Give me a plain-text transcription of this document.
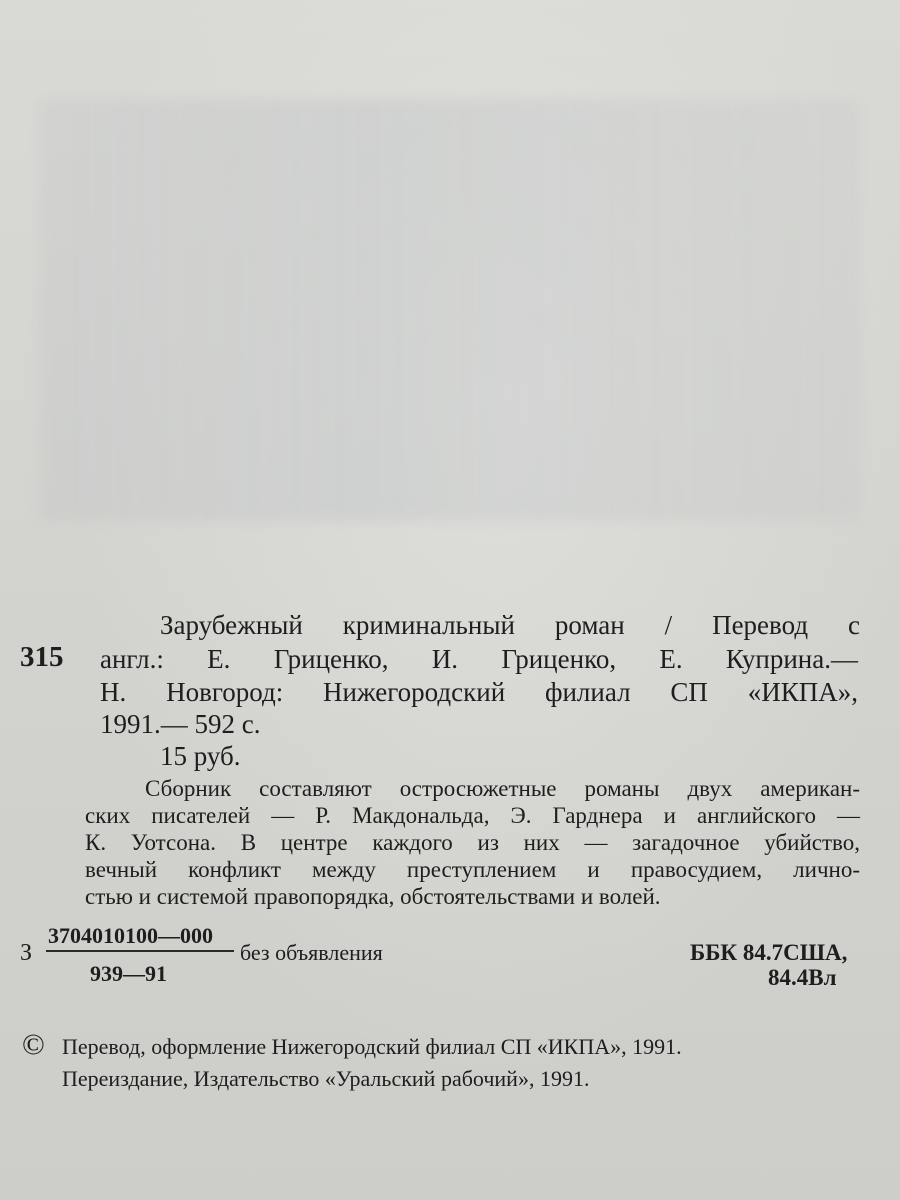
315
Зарубежный криминальный роман / Перевод с
англ.: Е. Гриценко, И. Гриценко, Е. Куприна.—
Н. Новгород: Нижегородский филиал СП «ИКПА»,
1991.— 592 с.
15 руб.
Сборник составляют остросюжетные романы двух американ-
ских писателей — Р. Макдональда, Э. Гарднера и английского —
К. Уотсона. В центре каждого из них — загадочное убийство,
вечный конфликт между преступлением и правосудием, лично-
стью и системой правопорядка, обстоятельствами и волей.
З
3704010100—000
939—91
без объявления	ББК 84.7США,
84.4Вл
© Перевод, оформление Нижегородский филиал СП «ИКПА», 1991.
Переиздание, Издательство «Уральский рабочий», 1991.
